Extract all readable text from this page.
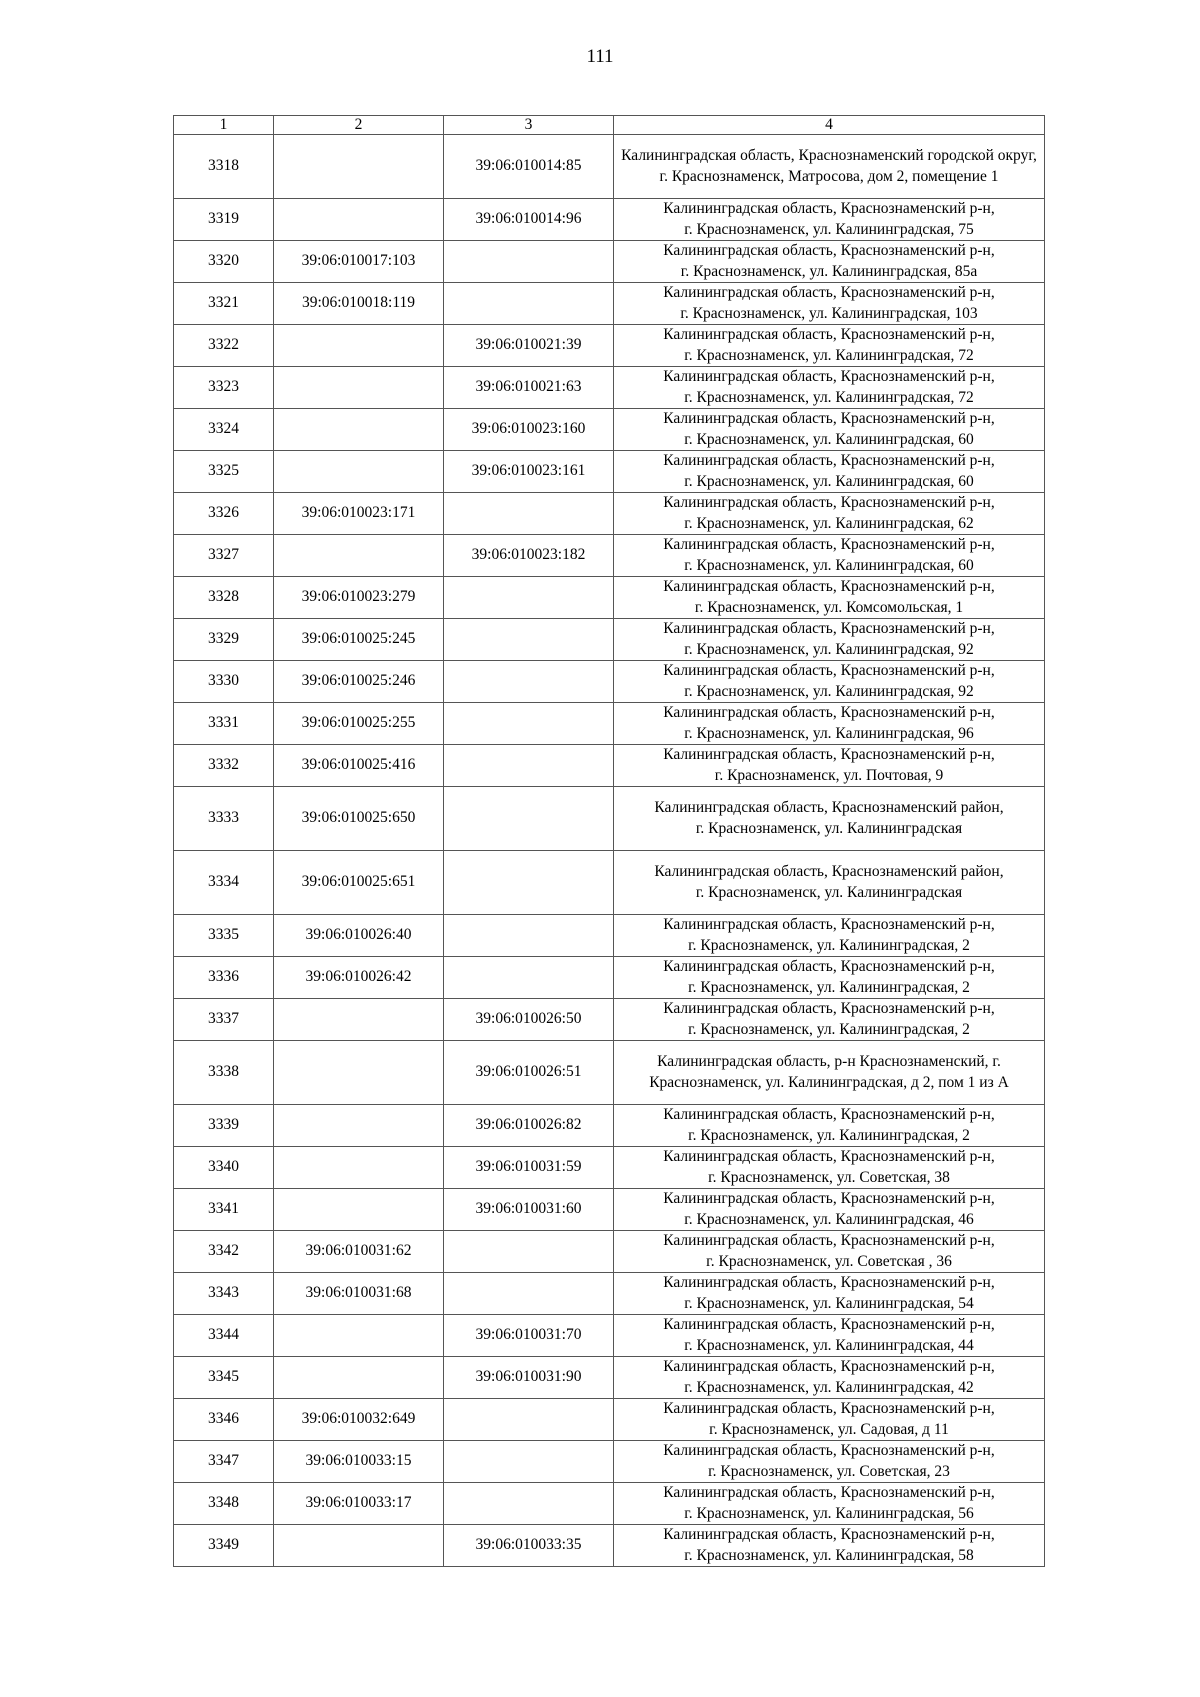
111
1	2	3	4
3318		39:06:010014:85	Калининградская область, Краснознаменский городской округ,
г. Краснознаменск, Матросова, дом 2, помещение 1
3319		39:06:010014:96	Калининградская область, Краснознаменский р-н,
г. Краснознаменск, ул. Калининградская, 75
3320	39:06:010017:103		Калининградская область, Краснознаменский р-н,
г. Краснознаменск, ул. Калининградская, 85а
3321	39:06:010018:119		Калининградская область, Краснознаменский р-н,
г. Краснознаменск, ул. Калининградская, 103
3322		39:06:010021:39	Калининградская область, Краснознаменский р-н,
г. Краснознаменск, ул. Калининградская, 72
3323		39:06:010021:63	Калининградская область, Краснознаменский р-н,
г. Краснознаменск, ул. Калининградская, 72
3324		39:06:010023:160	Калининградская область, Краснознаменский р-н,
г. Краснознаменск, ул. Калининградская, 60
3325		39:06:010023:161	Калининградская область, Краснознаменский р-н,
г. Краснознаменск, ул. Калининградская, 60
3326	39:06:010023:171		Калининградская область, Краснознаменский р-н,
г. Краснознаменск, ул. Калининградская, 62
3327		39:06:010023:182	Калининградская область, Краснознаменский р-н,
г. Краснознаменск, ул. Калининградская, 60
3328	39:06:010023:279		Калининградская область, Краснознаменский р-н,
г. Краснознаменск, ул. Комсомольская, 1
3329	39:06:010025:245		Калининградская область, Краснознаменский р-н,
г. Краснознаменск, ул. Калининградская, 92
3330	39:06:010025:246		Калининградская область, Краснознаменский р-н,
г. Краснознаменск, ул. Калининградская, 92
3331	39:06:010025:255		Калининградская область, Краснознаменский р-н,
г. Краснознаменск, ул. Калининградская, 96
3332	39:06:010025:416		Калининградская область, Краснознаменский р-н,
г. Краснознаменск, ул. Почтовая, 9
3333	39:06:010025:650		Калининградская область, Краснознаменский район,
г. Краснознаменск, ул. Калининградская
3334	39:06:010025:651		Калининградская область, Краснознаменский район,
г. Краснознаменск, ул. Калининградская
3335	39:06:010026:40		Калининградская область, Краснознаменский р-н,
г. Краснознаменск, ул. Калининградская, 2
3336	39:06:010026:42		Калининградская область, Краснознаменский р-н,
г. Краснознаменск, ул. Калининградская, 2
3337		39:06:010026:50	Калининградская область, Краснознаменский р-н,
г. Краснознаменск, ул. Калининградская, 2
3338		39:06:010026:51	Калининградская область, р-н Краснознаменский, г.
Краснознаменск, ул. Калининградская, д 2, пом 1 из А
3339		39:06:010026:82	Калининградская область, Краснознаменский р-н,
г. Краснознаменск, ул. Калининградская, 2
3340		39:06:010031:59	Калининградская область, Краснознаменский р-н,
г. Краснознаменск, ул. Советская, 38
3341		39:06:010031:60	Калининградская область, Краснознаменский р-н,
г. Краснознаменск, ул. Калининградская, 46
3342	39:06:010031:62		Калининградская область, Краснознаменский р-н,
г. Краснознаменск, ул. Советская , 36
3343	39:06:010031:68		Калининградская область, Краснознаменский р-н,
г. Краснознаменск, ул. Калининградская, 54
3344		39:06:010031:70	Калининградская область, Краснознаменский р-н,
г. Краснознаменск, ул. Калининградская, 44
3345		39:06:010031:90	Калининградская область, Краснознаменский р-н,
г. Краснознаменск, ул. Калининградская, 42
3346	39:06:010032:649		Калининградская область, Краснознаменский р-н,
г. Краснознаменск, ул. Садовая, д 11
3347	39:06:010033:15		Калининградская область, Краснознаменский р-н,
г. Краснознаменск, ул. Советская, 23
3348	39:06:010033:17		Калининградская область, Краснознаменский р-н,
г. Краснознаменск, ул. Калининградская, 56
3349		39:06:010033:35	Калининградская область, Краснознаменский р-н,
г. Краснознаменск, ул. Калининградская, 58
